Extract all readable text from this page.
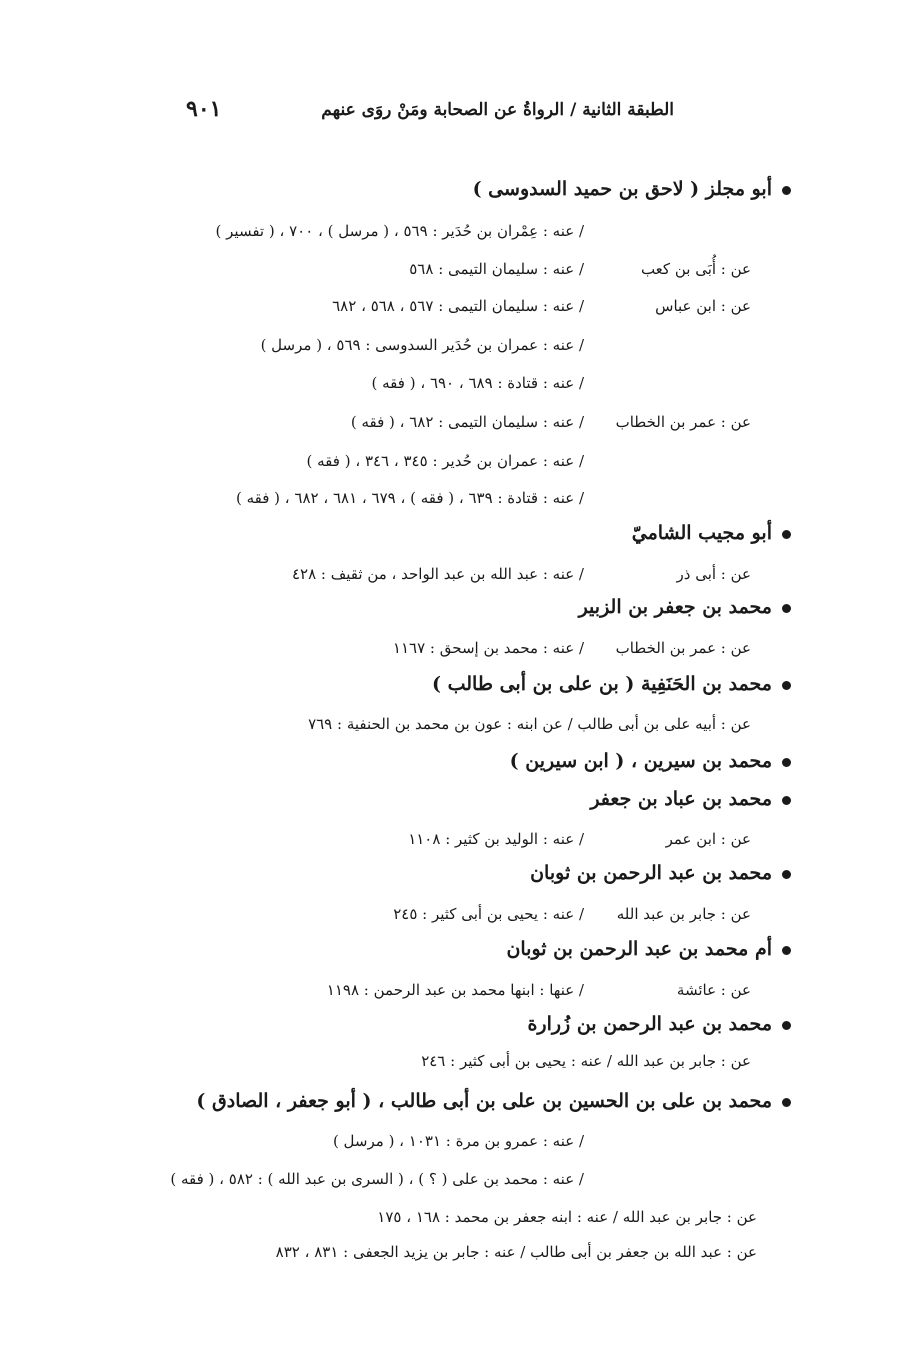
الطبقة الثانية / الرواةُ عن الصحابة ومَنْ روَى عنهم
٩٠١
أبو مجلز ( لاحق بن حميد السدوسى )
/ عنه : عِمْران بن حُدَير : ٥٦٩ ، ( مرسل ) ، ٧٠٠ ، ( تفسير )
عن : أُبَى بن كعب
/ عنه : سليمان التيمى : ٥٦٨
عن : ابن عباس
/ عنه : سليمان التيمى : ٥٦٧ ، ٥٦٨ ، ٦٨٢
/ عنه : عمران بن حُدَير السدوسى : ٥٦٩ ، ( مرسل )
/ عنه : قتادة : ٦٨٩ ، ٦٩٠ ، ( فقه )
عن : عمر بن الخطاب
/ عنه : سليمان التيمى : ٦٨٢ ، ( فقه )
/ عنه : عمران بن حُدير : ٣٤٥ ، ٣٤٦ ، ( فقه )
/ عنه : قتادة : ٦٣٩ ، ( فقه ) ، ٦٧٩ ، ٦٨١ ، ٦٨٢ ، ( فقه )
أبو مجيب الشاميّ
عن : أبى ذر
/ عنه : عبد الله بن عبد الواحد ، من ثقيف : ٤٢٨
محمد بن جعفر بن الزبير
عن : عمر بن الخطاب
/ عنه : محمد بن إسحق : ١١٦٧
محمد بن الحَنَفِية ( بن على بن أبى طالب )
عن : أبيه على بن أبى طالب / عن ابنه : عون بن محمد بن الحنفية : ٧٦٩
محمد بن سيرين ، ( ابن سيرين )
محمد بن عباد بن جعفر
عن : ابن عمر
/ عنه : الوليد بن كثير : ١١٠٨
محمد بن عبد الرحمن بن ثوبان
عن : جابر بن عبد الله
/ عنه : يحيى بن أبى كثير : ٢٤٥
أم محمد بن عبد الرحمن بن ثوبان
عن : عائشة
/ عنها : ابنها محمد بن عبد الرحمن : ١١٩٨
محمد بن عبد الرحمن بن زُرارة
عن : جابر بن عبد الله / عنه : يحيى بن أبى كثير : ٢٤٦
محمد بن على بن الحسين بن على بن أبى طالب ، ( أبو جعفر ، الصادق )
/ عنه : عمرو بن مرة : ١٠٣١ ، ( مرسل )
/ عنه : محمد بن على ( ؟ ) ، ( السرى بن عبد الله ) : ٥٨٢ ، ( فقه )
عن : جابر بن عبد الله / عنه : ابنه جعفر بن محمد : ١٦٨ ، ١٧٥
عن : عبد الله بن جعفر بن أبى طالب / عنه : جابر بن يزيد الجعفى : ٨٣١ ، ٨٣٢
